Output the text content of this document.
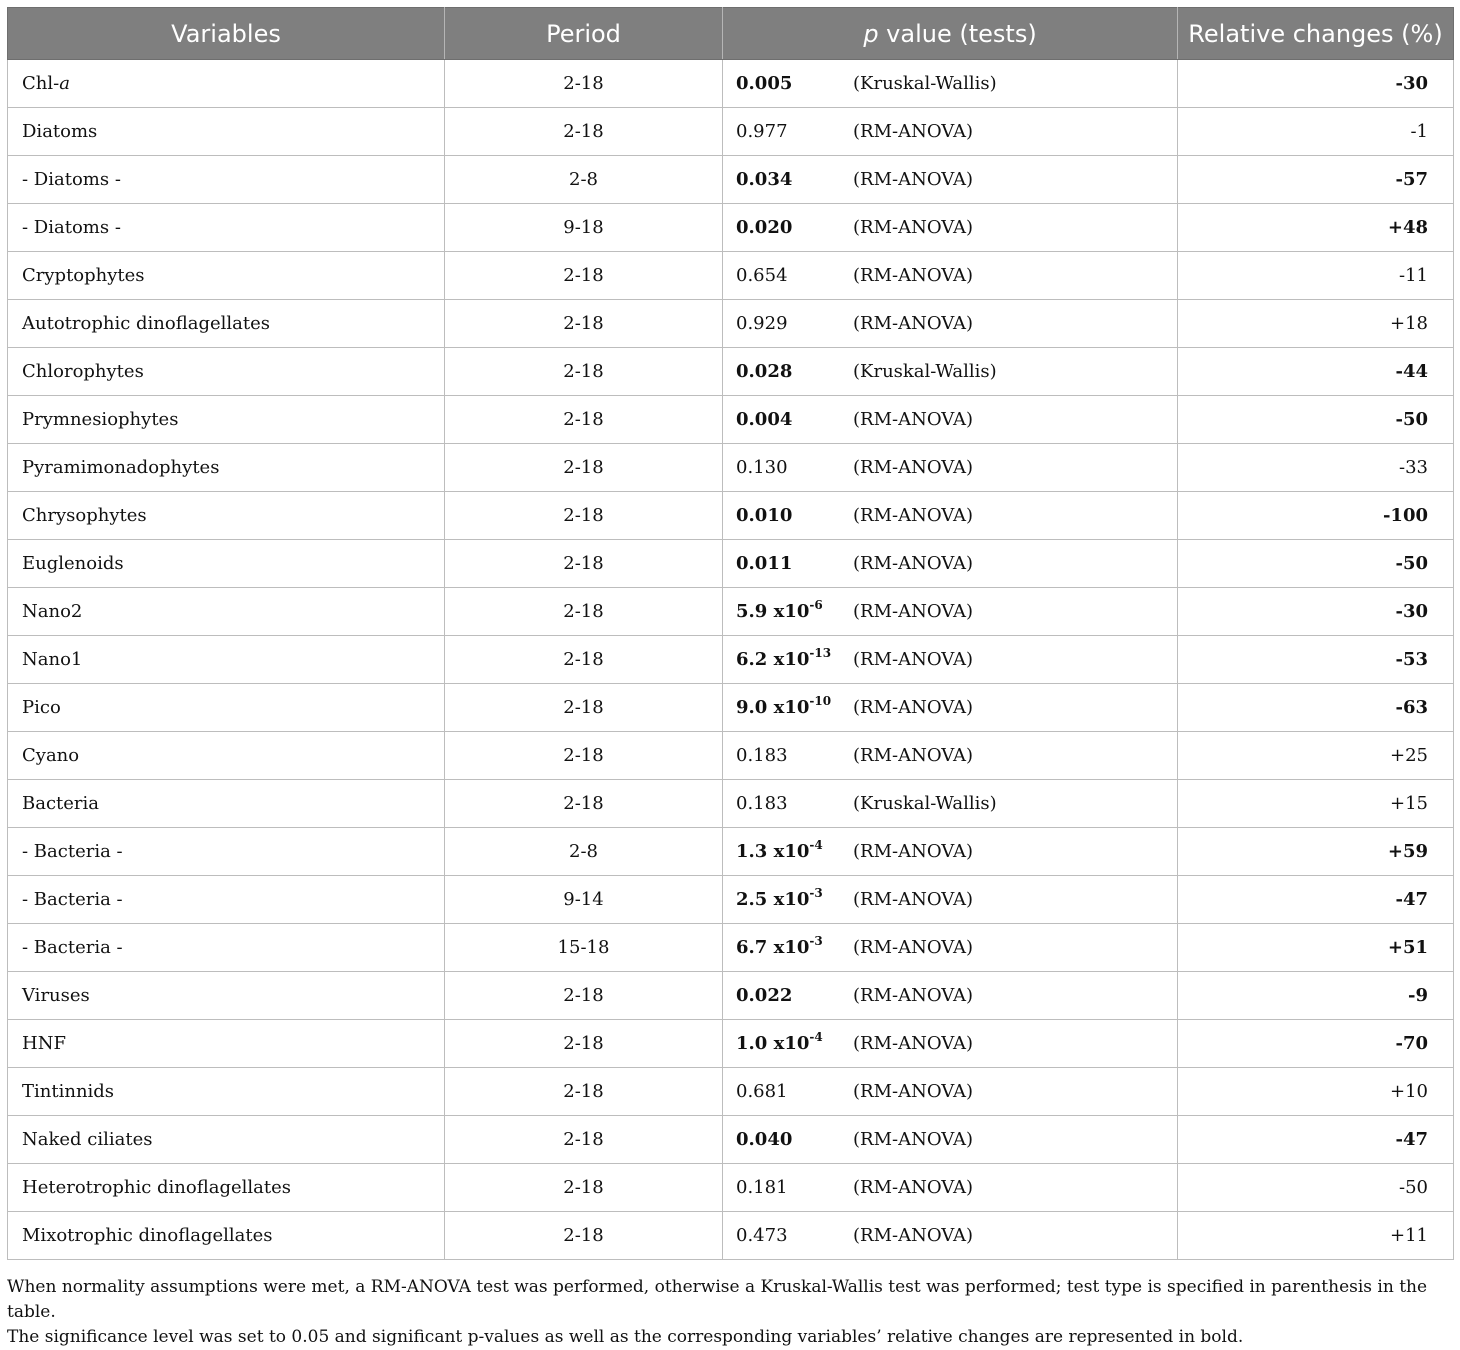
Variables	Period	p value (tests)	Relative changes (%)
Chl-a	2-18	0.005 (Kruskal-Wallis)	-30
Diatoms	2-18	0.977 (RM-ANOVA)	-1
- Diatoms -	2-8	0.034 (RM-ANOVA)	-57
- Diatoms -	9-18	0.020 (RM-ANOVA)	+48
Cryptophytes	2-18	0.654 (RM-ANOVA)	-11
Autotrophic dinoflagellates	2-18	0.929 (RM-ANOVA)	+18
Chlorophytes	2-18	0.028 (Kruskal-Wallis)	-44
Prymnesiophytes	2-18	0.004 (RM-ANOVA)	-50
Pyramimonadophytes	2-18	0.130 (RM-ANOVA)	-33
Chrysophytes	2-18	0.010 (RM-ANOVA)	-100
Euglenoids	2-18	0.011 (RM-ANOVA)	-50
Nano2	2-18	5.9 $x10^{-6}$ (RM-ANOVA)	-30
Nano1	2-18	6.2 $x10^{-13}$ (RM-ANOVA)	-53
Pico	2-18	9.0 $x10^{-10}$ (RM-ANOVA)	-63
Cyano	2-18	0.183 (RM-ANOVA)	+25
Bacteria	2-18	0.183 (Kruskal-Wallis)	+15
- Bacteria -	2-8	1.3 $x10^{-4}$ (RM-ANOVA)	+59
- Bacteria -	9-14	2.5 $x10^{-3}$ (RM-ANOVA)	-47
- Bacteria -	15-18	6.7 $x10^{-3}$ (RM-ANOVA)	+51
Viruses	2-18	0.022 (RM-ANOVA)	-9
HNF	2-18	1.0 $x10^{-4}$ (RM-ANOVA)	-70
Tintinnids	2-18	0.681 (RM-ANOVA)	+10
Naked ciliates	2-18	0.040 (RM-ANOVA)	-47
Heterotrophic dinoflagellates	2-18	0.181 (RM-ANOVA)	-50
Mixotrophic dinoflagellates	2-18	0.473 (RM-ANOVA)	+11

When normality assumptions were met, a RM-ANOVA test was performed, otherwise a Kruskal-Wallis test was performed; test type is specified in parenthesis in the table.

The significance level was set to 0.05 and significant p-values as well as the corresponding variables’ relative changes are represented in bold.
